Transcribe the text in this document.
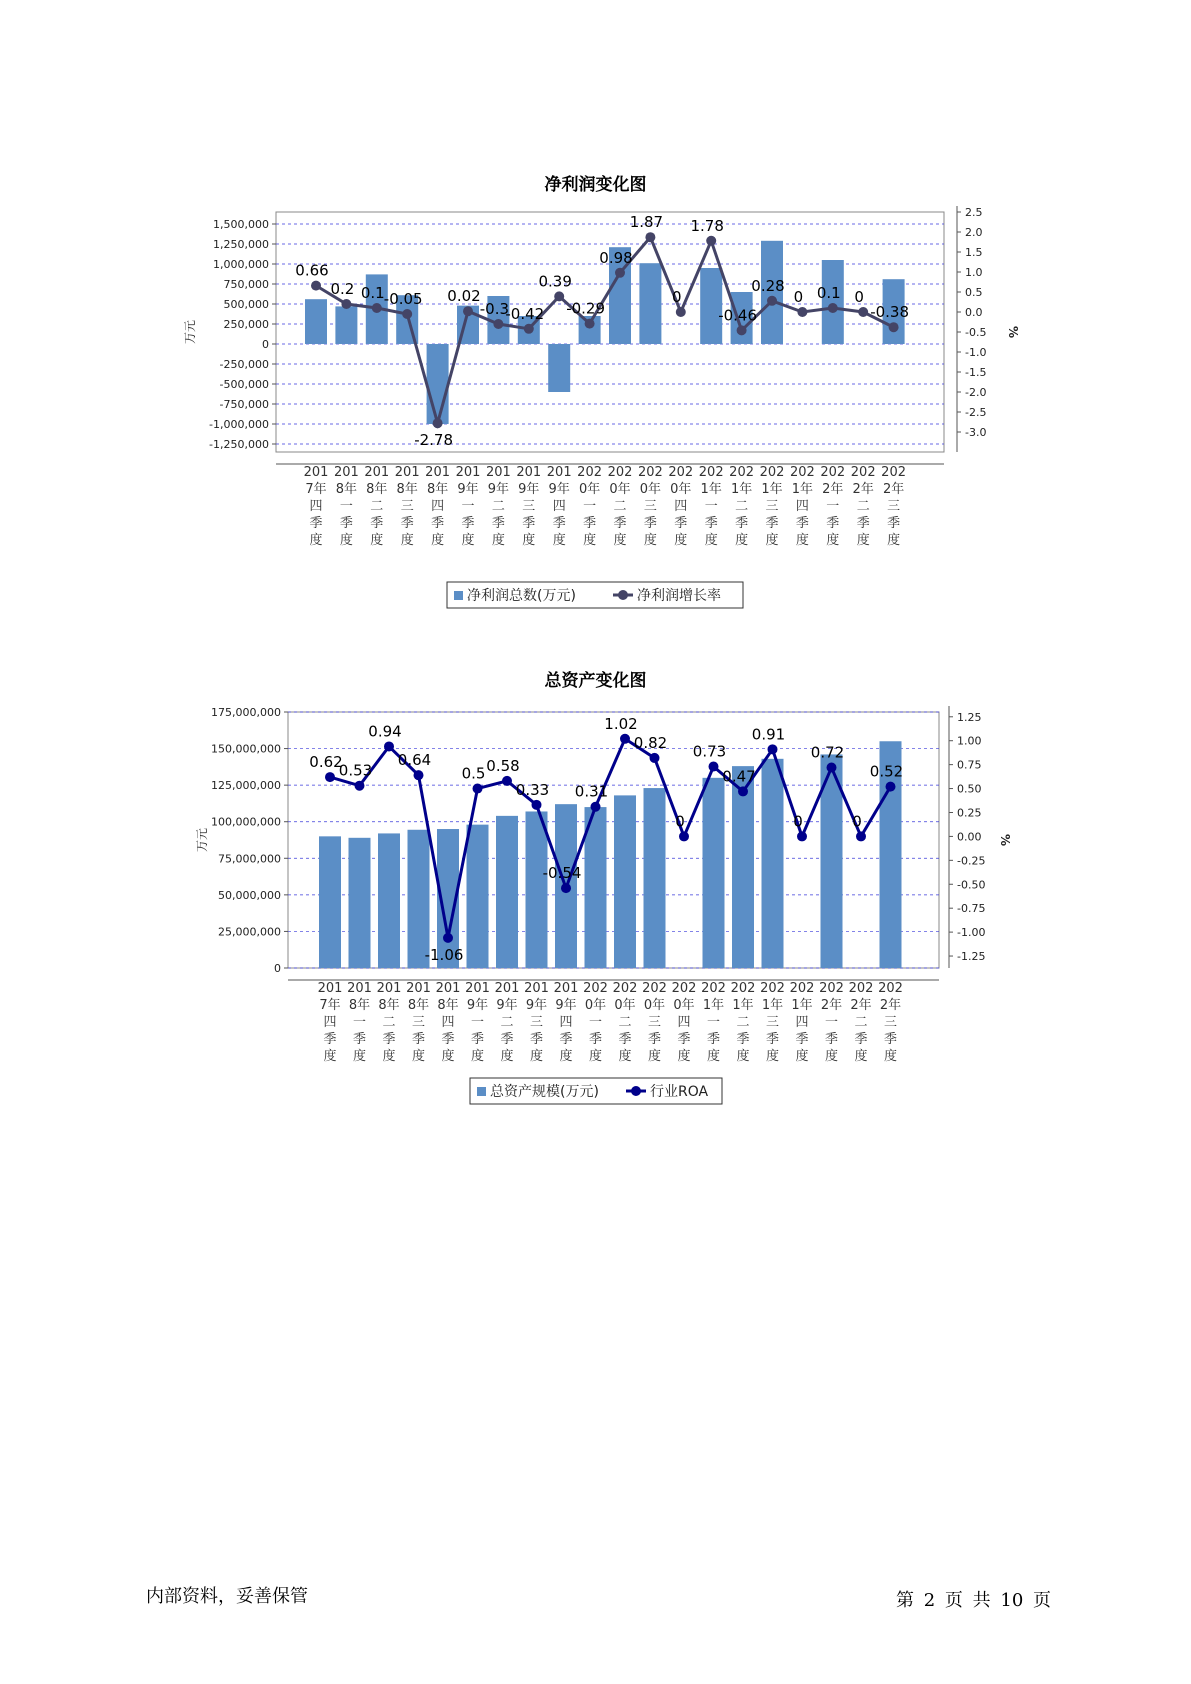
净利润变化图
-1,250,000
-1,000,000
-750,000
-500,000
-250,000
0
250,000
500,000
750,000
1,000,000
1,250,000
1,500,000
-3.0
-2.5
-2.0
-1.5
-1.0
-0.5
0.0
0.5
1.0
1.5
2.0
2.5
万元	%
0.66
0.2 0.1 -0.05
-2.78
0.02
-0.3
-0.42
0.39
-0.29
0.98
1.87
0
1.78
-0.46
0.28
0 0.1 0
-0.38
201
7年
四
季
度
201
8年
一
季
度
201
8年
二
季
度
201
8年
三
季
度
201
8年
四
季
度
201
9年
一
季
度
201
9年
二
季
度
201
9年
三
季
度
201
9年
四
季
度
202
0年
一
季
度
202
0年
二
季
度
202
0年
三
季
度
202
0年
四
季
度
202
1年
一
季
度
202
1年
二
季
度
202
1年
三
季
度
202
1年
四
季
度
202
2年
一
季
度
202
2年
二
季
度
202
2年
三
季
度
净利润总数(万元)	净利润增长率
总资产变化图
0
25,000,000
50,000,000
75,000,000
100,000,000
125,000,000
150,000,000
175,000,000
-1.25
-1.00
-0.75
-0.50
-0.25
0.00
0.25
0.50
0.75
1.00
1.25
万元	%
0.62
0.53
0.94
0.64
-1.06
0.5 0.58
0.33
-0.54
0.31
1.02
0.82
0
0.73
0.47
0.91
0
0.72
0
0.52
201
7年
四
季
度
201
8年
一
季
度
201
8年
二
季
度
201
8年
三
季
度
201
8年
四
季
度
201
9年
一
季
度
201
9年
二
季
度
201
9年
三
季
度
201
9年
四
季
度
202
0年
一
季
度
202
0年
二
季
度
202
0年
三
季
度
202
0年
四
季
度
202
1年
一
季
度
202
1年
二
季
度
202
1年
三
季
度
202
1年
四
季
度
202
2年
一
季
度
202
2年
二
季
度
202
2年
三
季
度
总资产规模(万元)	行业ROA
内部资料，妥善保管	第 2 页 共 10 页
